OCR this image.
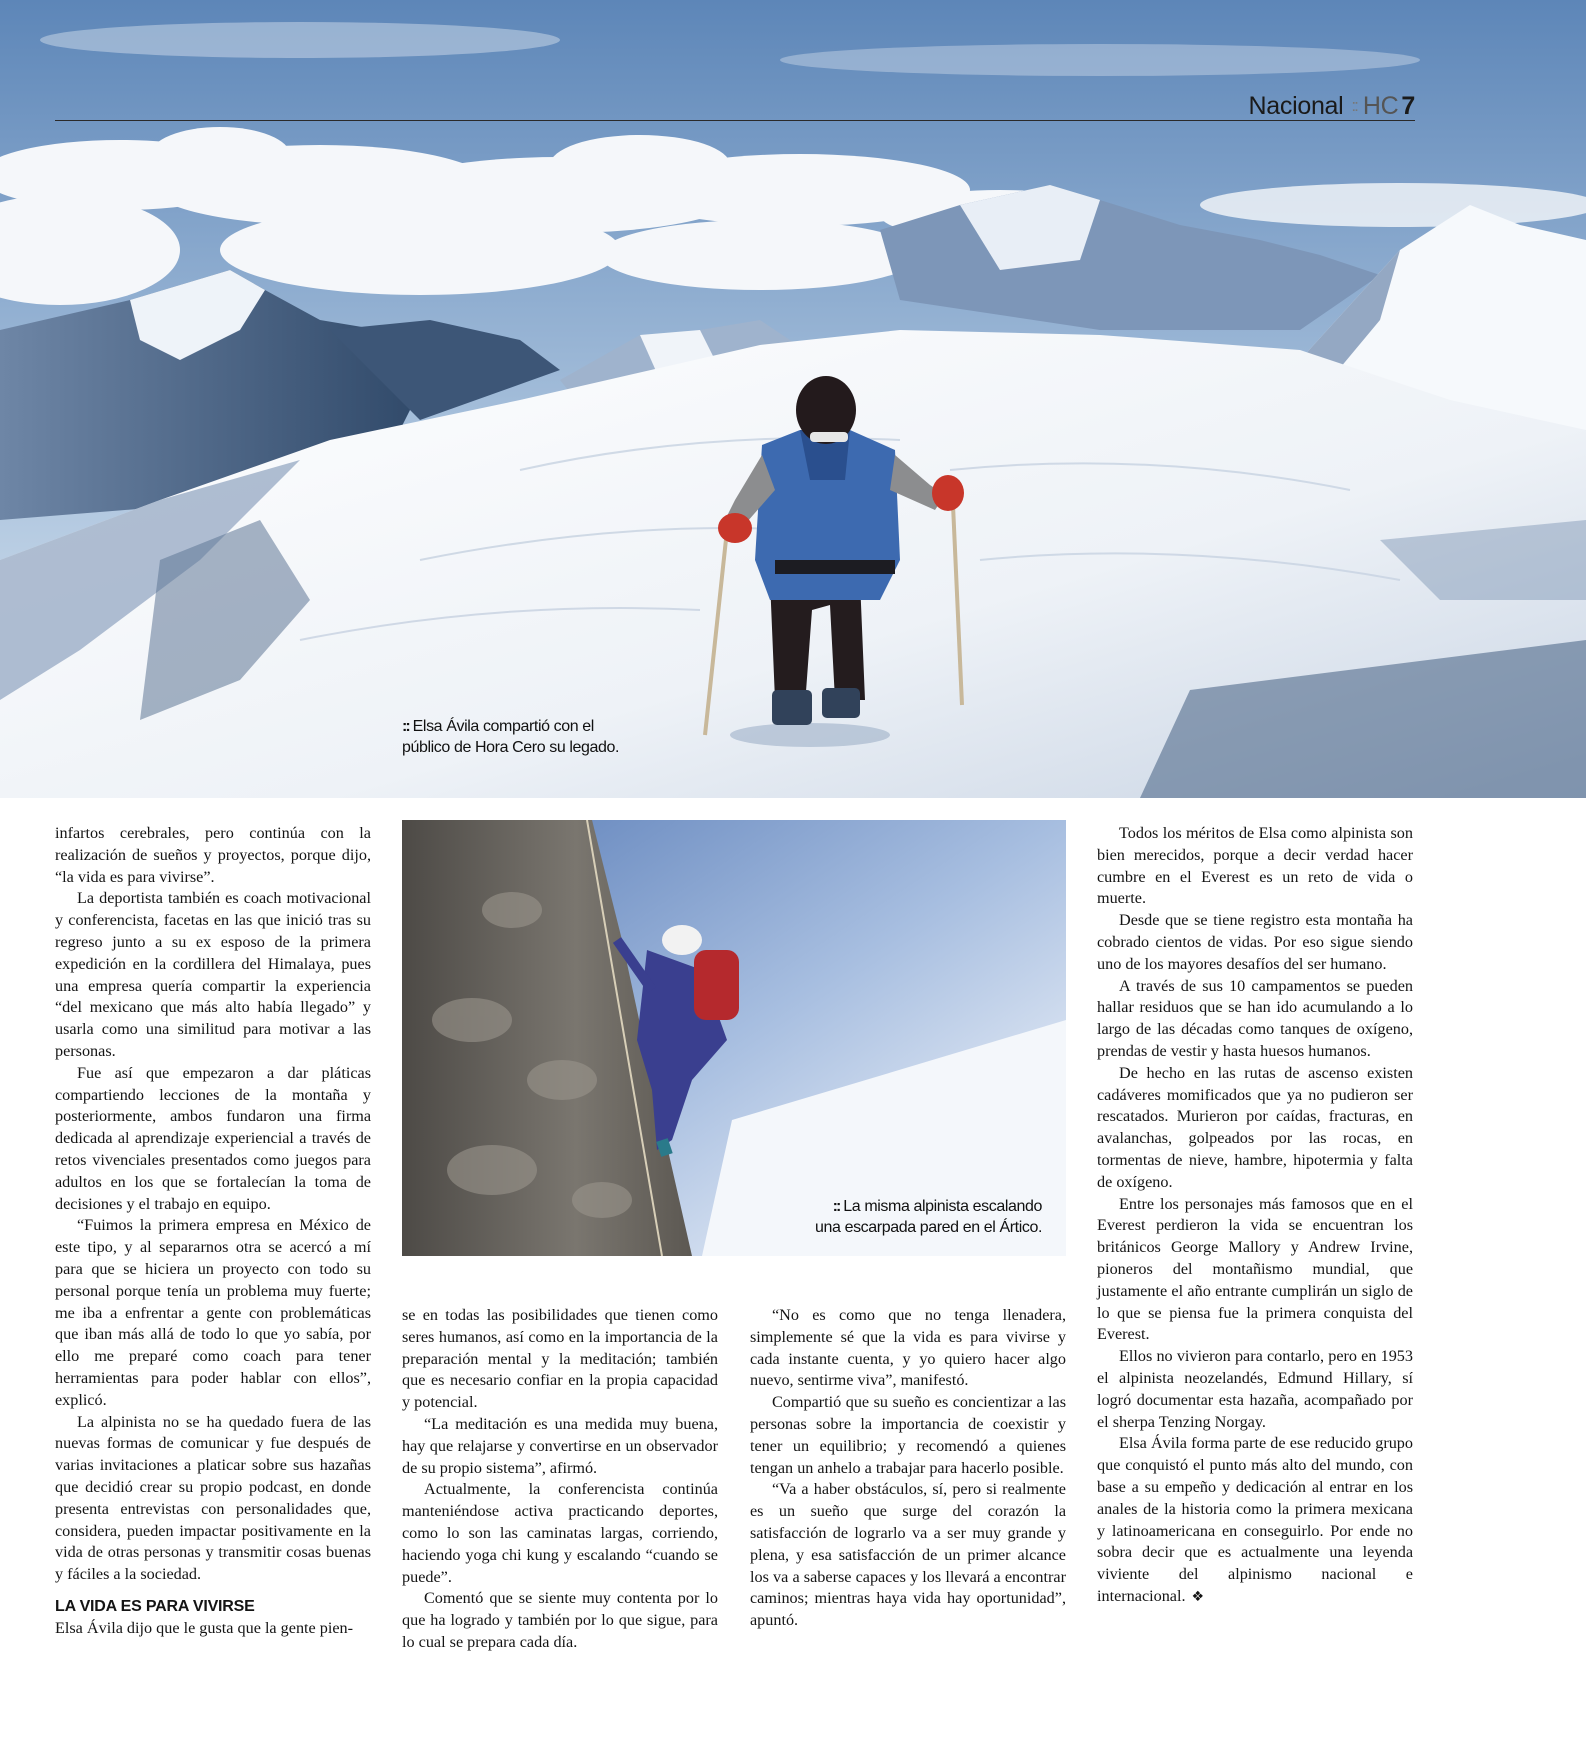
Nacional :: HC 7
:: Elsa Ávila compartió con el
público de Hora Cero su legado.
:: La misma alpinista escalando
una escarpada pared en el Ártico.

infartos cerebrales, pero continúa con la realización de sueños y proyectos, porque dijo, “la vida es para vivirse”.

La deportista también es coach motivacional y conferencista, facetas en las que inició tras su regreso junto a su ex esposo de la primera expedición en la cordillera del Himalaya, pues una empresa quería compartir la experiencia “del mexicano que más alto había llegado” y usarla como una similitud para motivar a las personas.

Fue así que empezaron a dar pláticas compartiendo lecciones de la montaña y posteriormente, ambos fundaron una firma dedicada al aprendizaje experiencial a través de retos vivenciales presentados como juegos para adultos en los que se fortalecían la toma de decisiones y el trabajo en equipo.

“Fuimos la primera empresa en México de este tipo, y al separarnos otra se acercó a mí para que se hiciera un proyecto con todo su personal porque tenía un problema muy fuerte; me iba a enfrentar a gente con problemáticas que iban más allá de todo lo que yo sabía, por ello me preparé como coach para tener herramientas para poder hablar con ellos”, explicó.

La alpinista no se ha quedado fuera de las nuevas formas de comunicar y fue después de varias invitaciones a platicar sobre sus hazañas que decidió crear su propio podcast, en donde presenta entrevistas con personalidades que, considera, pueden impactar positivamente en la vida de otras personas y transmitir cosas buenas y fáciles a la sociedad.

LA VIDA ES PARA VIVIRSE

Elsa Ávila dijo que le gusta que la gente pien-

se en todas las posibilidades que tienen como seres humanos, así como en la importancia de la preparación mental y la meditación; también que es necesario confiar en la propia capacidad y potencial.

“La meditación es una medida muy buena, hay que relajarse y convertirse en un observador de su propio sistema”, afirmó.

Actualmente, la conferencista continúa manteniéndose activa practicando deportes, como lo son las caminatas largas, corriendo, haciendo yoga chi kung y escalando “cuando se puede”.

Comentó que se siente muy contenta por lo que ha logrado y también por lo que sigue, para lo cual se prepara cada día.

“No es como que no tenga llenadera, simplemente sé que la vida es para vivirse y cada instante cuenta, y yo quiero hacer algo nuevo, sentirme viva”, manifestó.

Compartió que su sueño es concientizar a las personas sobre la importancia de coexistir y tener un equilibrio; y recomendó a quienes tengan un anhelo a trabajar para hacerlo posible.

“Va a haber obstáculos, sí, pero si realmente es un sueño que surge del corazón la satisfacción de lograrlo va a ser muy grande y plena, y esa satisfacción de un primer alcance los va a saberse capaces y los llevará a encontrar caminos; mientras haya vida hay oportunidad”, apuntó.

Todos los méritos de Elsa como alpinista son bien merecidos, porque a decir verdad hacer cumbre en el Everest es un reto de vida o muerte.

Desde que se tiene registro esta montaña ha cobrado cientos de vidas. Por eso sigue siendo uno de los mayores desafíos del ser humano.

A través de sus 10 campamentos se pueden hallar residuos que se han ido acumulando a lo largo de las décadas como tanques de oxígeno, prendas de vestir y hasta huesos humanos.

De hecho en las rutas de ascenso existen cadáveres momificados que ya no pudieron ser rescatados. Murieron por caídas, fracturas, en avalanchas, golpeados por las rocas, en tormentas de nieve, hambre, hipotermia y falta de oxígeno.

Entre los personajes más famosos que en el Everest perdieron la vida se encuentran los británicos George Mallory y Andrew Irvine, pioneros del montañismo mundial, que justamente el año entrante cumplirán un siglo de lo que se piensa fue la primera conquista del Everest.

Ellos no vivieron para contarlo, pero en 1953 el alpinista neozelandés, Edmund Hillary, sí logró documentar esta hazaña, acompañado por el sherpa Tenzing Norgay.

Elsa Ávila forma parte de ese reducido grupo que conquistó el punto más alto del mundo, con base a su empeño y dedicación al entrar en los anales de la historia como la primera mexicana y latinoamericana en conseguirlo. Por ende no sobra decir que es actualmente una leyenda viviente del alpinismo nacional e internacional. ❖
